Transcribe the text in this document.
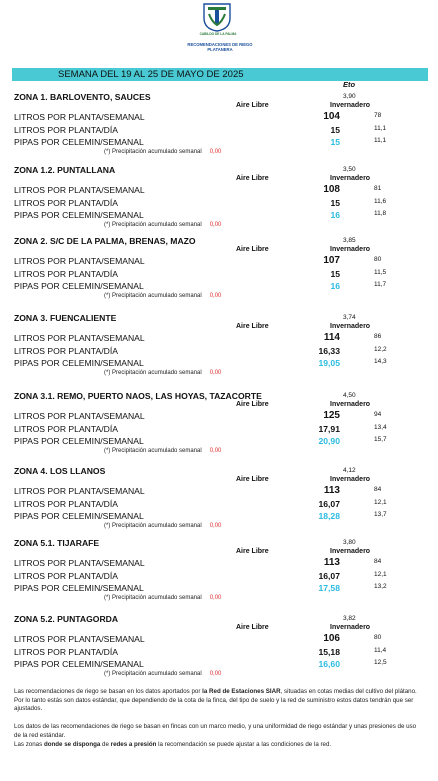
CABILDO DE LA PALMA
RECOMENDACIONES DE RIEGO
PLATANERA
SEMANA DEL 19 AL 25 DE MAYO DE 2025
Eto
ZONA 1. BARLOVENTO, SAUCES	3,90
Aire Libre	Invernadero
LITROS POR PLANTA/SEMANAL	104	78
LITROS POR PLANTA/DÍA	15	11,1
PIPAS POR CELEMIN/SEMANAL	15	11,1
(*) Precipitación acumulado semanal 0,00
ZONA 1.2. PUNTALLANA	3,50
Aire Libre	Invernadero
LITROS POR PLANTA/SEMANAL	108	81
LITROS POR PLANTA/DÍA	15	11,6
PIPAS POR CELEMIN/SEMANAL	16	11,8
(*) Precipitación acumulado semanal 0,00
ZONA 2. S/C DE LA PALMA, BRENAS, MAZO	3,85
Aire Libre	Invernadero
LITROS POR PLANTA/SEMANAL	107	80
LITROS POR PLANTA/DÍA	15	11,5
PIPAS POR CELEMIN/SEMANAL	16	11,7
(*) Precipitación acumulado semanal 0,00
ZONA 3. FUENCALIENTE	3,74
Aire Libre	Invernadero
LITROS POR PLANTA/SEMANAL	114	86
LITROS POR PLANTA/DÍA	16,33	12,2
PIPAS POR CELEMIN/SEMANAL	19,05	14,3
(*) Precipitación acumulado semanal 0,00
ZONA 3.1. REMO, PUERTO NAOS, LAS HOYAS, TAZACORTE	4,50
Aire Libre	Invernadero
LITROS POR PLANTA/SEMANAL	125	94
LITROS POR PLANTA/DÍA	17,91	13,4
PIPAS POR CELEMIN/SEMANAL	20,90	15,7
(*) Precipitación acumulado semanal 0,00
ZONA 4. LOS LLANOS	4,12
Aire Libre	Invernadero
LITROS POR PLANTA/SEMANAL	113	84
LITROS POR PLANTA/DÍA	16,07	12,1
PIPAS POR CELEMIN/SEMANAL	18,28	13,7
(*) Precipitación acumulado semanal 0,00
ZONA 5.1. TIJARAFE	3,80
Aire Libre	Invernadero
LITROS POR PLANTA/SEMANAL	113	84
LITROS POR PLANTA/DÍA	16,07	12,1
PIPAS POR CELEMIN/SEMANAL	17,58	13,2
(*) Precipitación acumulado semanal 0,00
ZONA 5.2. PUNTAGORDA	3,82
Aire Libre	Invernadero
LITROS POR PLANTA/SEMANAL	106	80
LITROS POR PLANTA/DÍA	15,18	11,4
PIPAS POR CELEMIN/SEMANAL	16,60	12,5
(*) Precipitación acumulado semanal 0,00
Las recomendaciones de riego se basan en los datos aportados por la Red de Estaciones SIAR, situadas en cotas medias del cultivo del plátano. Por lo tanto estás son datos estándar, que dependiendo de la cota de la finca, del tipo de suelo y la red de suministro estos datos tendrán que ser ajustados.
Los datos de las recomendaciones de riego se basan en fincas con un marco medio, y una uniformidad de riego estándar y unas presiones de uso de la red estándar.
Las zonas donde se disponga de redes a presión la recomendación se puede ajustar a las condiciones de la red.
